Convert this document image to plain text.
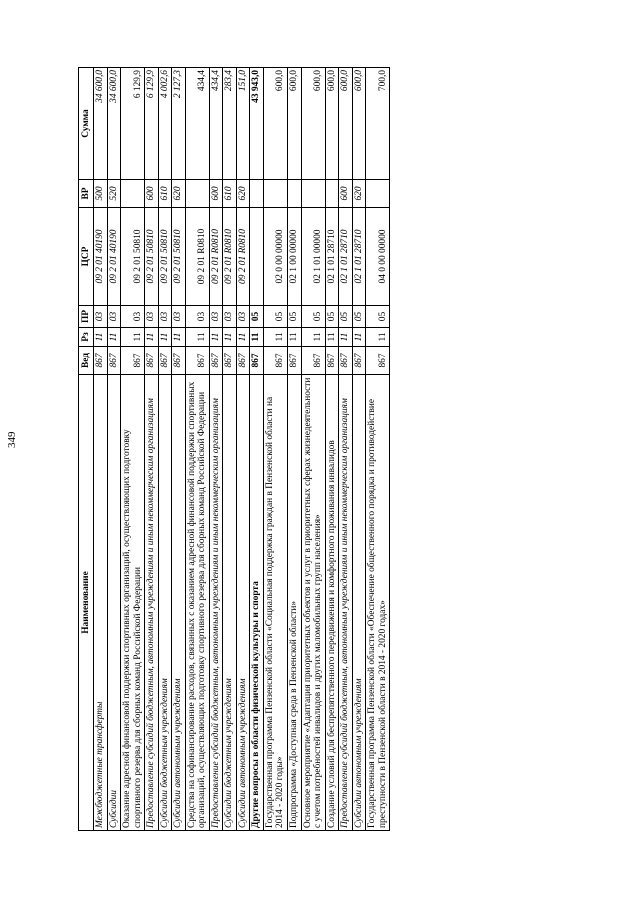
349
Наименование	Вед	Рз	ПР	ЦСР	ВР	Сумма
Межбюджетные трансферты	867	11	03	09 2 01 40190	500	34 600,0
Субсидии	867	11	03	09 2 01 40190	520	34 600,0
Оказание адресной финансовой поддержки спортивных организаций, осуществляющих подготовку спортивного резерва для сборных команд Российской Федерации	867	11	03	09 2 01 50810		6 129,9
Предоставление субсидий бюджетным, автономным учреждениям и иным некоммерческим организациям	867	11	03	09 2 01 50810	600	6 129,9
Субсидии бюджетным учреждениям	867	11	03	09 2 01 50810	610	4 002,6
Субсидии автономным учреждениям	867	11	03	09 2 01 50810	620	2 127,3
Средства на софинансирование расходов, связанных с оказанием адресной финансовой поддержки спортивных организаций, осуществляющих подготовку спортивного резерва для сборных команд Российской Федерации	867	11	03	09 2 01 R0810		434,4
Предоставление субсидий бюджетным, автономным учреждениям и иным некоммерческим организациям	867	11	03	09 2 01 R0810	600	434,4
Субсидии бюджетным учреждениям	867	11	03	09 2 01 R0810	610	283,4
Субсидии автономным учреждениям	867	11	03	09 2 01 R0810	620	151,0
Другие вопросы в области физической культуры и спорта	867	11	05			43 943,0
Государственная программа Пензенской области «Социальная поддержка граждан в Пензенской области на 2014 - 2020 годы»	867	11	05	02 0 00 00000		600,0
Подпрограмма «Доступная среда в Пензенской области»	867	11	05	02 1 00 00000		600,0
Основное мероприятие «Адаптация приоритетных объектов и услуг в приоритетных сферах жизнедеятельности с учетом потребностей инвалидов и других маломобильных групп населения»	867	11	05	02 1 01 00000		600,0
Создание условий для беспрепятственного передвижения и комфортного проживания инвалидов	867	11	05	02 1 01 28710		600,0
Предоставление субсидий бюджетным, автономным учреждениям и иным некоммерческим организациям	867	11	05	02 1 01 28710	600	600,0
Субсидии автономным учреждениям	867	11	05	02 1 01 28710	620	600,0
Государственная программа Пензенской области «Обеспечение общественного порядка и противодействие преступности в Пензенской области в 2014 - 2020 годах»	867	11	05	04 0 00 00000		700,0
